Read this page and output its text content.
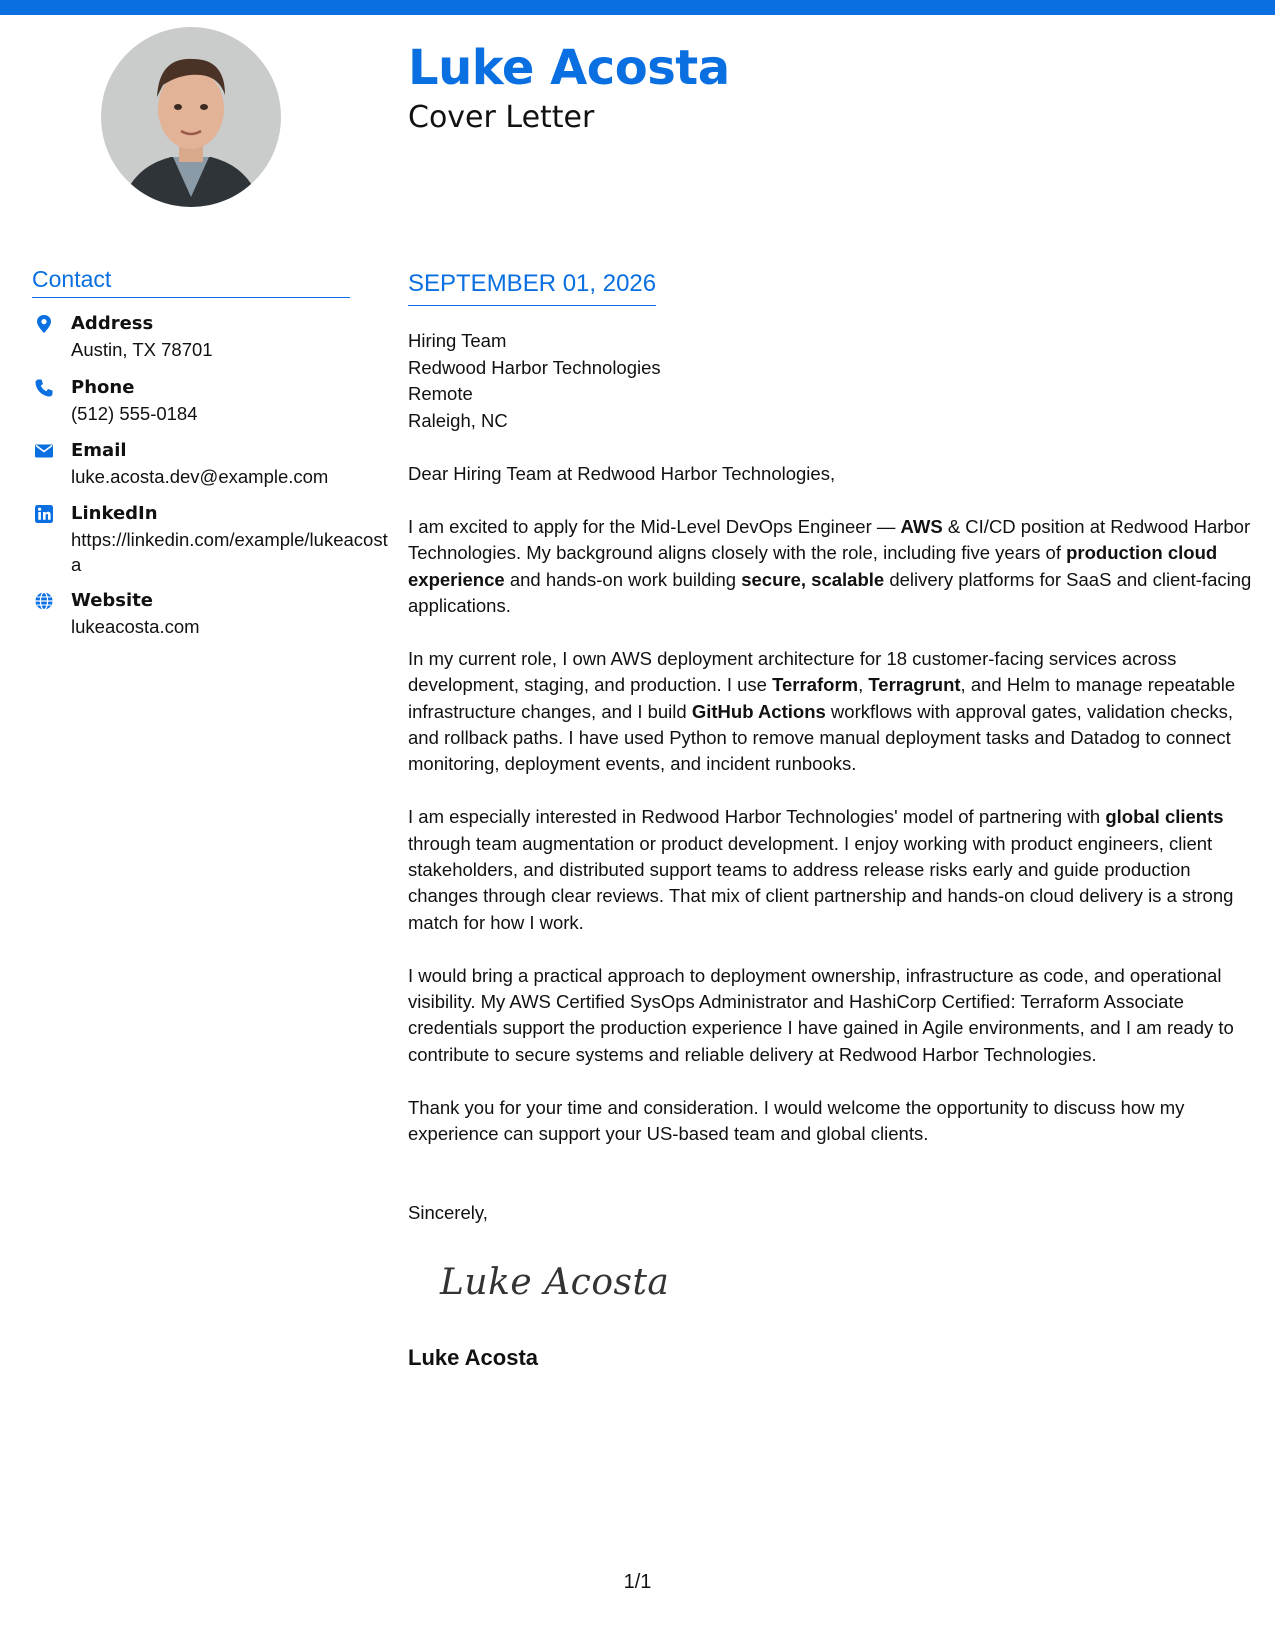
Luke Acosta
Cover Letter
Contact
Address
Austin, TX 78701
Phone
(512) 555-0184
Email
luke.acosta.dev@example.com
LinkedIn
https://linkedin.com/example/lukeacosta
Website
lukeacosta.com
SEPTEMBER 01, 2026
Hiring Team
Redwood Harbor Technologies
Remote
Raleigh, NC

Dear Hiring Team at Redwood Harbor Technologies,

I am excited to apply for the Mid-Level DevOps Engineer — AWS & CI/CD position at Redwood Harbor Technologies. My background aligns closely with the role, including five years of production cloud experience and hands-on work building secure, scalable delivery platforms for SaaS and client-facing applications.

In my current role, I own AWS deployment architecture for 18 customer-facing services across development, staging, and production. I use Terraform, Terragrunt, and Helm to manage repeatable infrastructure changes, and I build GitHub Actions workflows with approval gates, validation checks, and rollback paths. I have used Python to remove manual deployment tasks and Datadog to connect monitoring, deployment events, and incident runbooks.

I am especially interested in Redwood Harbor Technologies' model of partnering with global clients through team augmentation or product development. I enjoy working with product engineers, client stakeholders, and distributed support teams to address release risks early and guide production changes through clear reviews. That mix of client partnership and hands-on cloud delivery is a strong match for how I work.

I would bring a practical approach to deployment ownership, infrastructure as code, and operational visibility. My AWS Certified SysOps Administrator and HashiCorp Certified: Terraform Associate credentials support the production experience I have gained in Agile environments, and I am ready to contribute to secure systems and reliable delivery at Redwood Harbor Technologies.

Thank you for your time and consideration. I would welcome the opportunity to discuss how my experience can support your US-based team and global clients.

Sincerely,
Luke Acosta
Luke Acosta
1/1
